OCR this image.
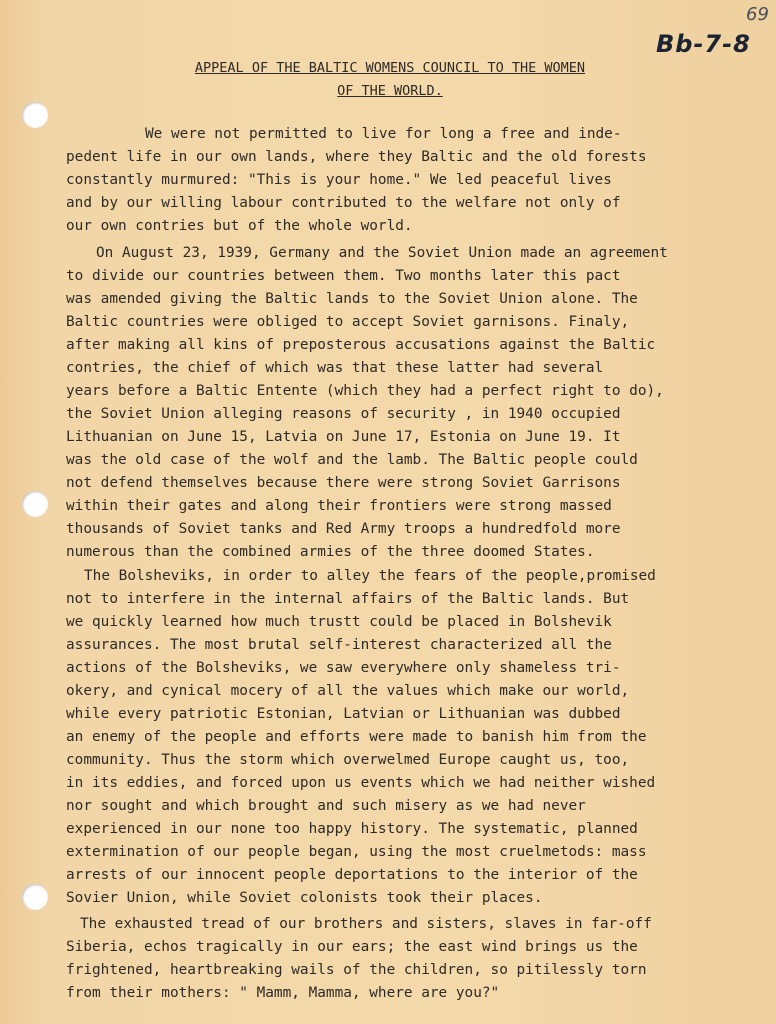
69
Bb-7-8
APPEAL OF THE BALTIC WOMENS COUNCIL TO THE WOMEN
OF THE WORLD.
We were not permitted to live for long a free and inde-
pedent life in our own lands, where they Baltic and the old forests
constantly murmured: "This is your home." We led peaceful lives
and by our willing labour contributed to the welfare not only of
our own contries but of the whole world.
On August 23, 1939, Germany and the Soviet Union made an agreement
to divide our countries between them. Two months later this pact
was amended giving the Baltic lands to the Soviet Union alone. The
Baltic countries were obliged to accept Soviet garnisons. Finaly,
after making all kins of preposterous accusations against the Baltic
contries, the chief of which was that these latter had several
years before a Baltic Entente (which they had a perfect right to do),
the Soviet Union alleging reasons of security , in 1940 occupied
Lithuanian on June 15, Latvia on June 17, Estonia on June 19. It
was the old case of the wolf and the lamb. The Baltic people could
not defend themselves because there were strong Soviet Garrisons
within their gates and along their frontiers were strong massed
thousands of Soviet tanks and Red Army troops a hundredfold more
numerous than the combined armies of the three doomed States.
The Bolsheviks, in order to alley the fears of the people,promised
not to interfere in the internal affairs of the Baltic lands. But
we quickly learned how much trustt could be placed in Bolshevik
assurances. The most brutal self-interest characterized all the
actions of the Bolsheviks, we saw everywhere only shameless tri-
okery, and cynical mocery of all the values which make our world,
while every patriotic Estonian, Latvian or Lithuanian was dubbed
an enemy of the people and efforts were made to banish him from the
community. Thus the storm which overwelmed Europe caught us, too,
in its eddies, and forced upon us events which we had neither wished
nor sought and which brought and such misery as we had never
experienced in our none too happy history. The systematic, planned
extermination of our people began, using the most cruelmetods: mass
arrests of our innocent people deportations to the interior of the
Sovier Union, while Soviet colonists took their places.
The exhausted tread of our brothers and sisters, slaves in far-off
Siberia, echos tragically in our ears; the east wind brings us the
frightened, heartbreaking wails of the children, so pitilessly torn
from their mothers: " Mamm, Mamma, where are you?"
